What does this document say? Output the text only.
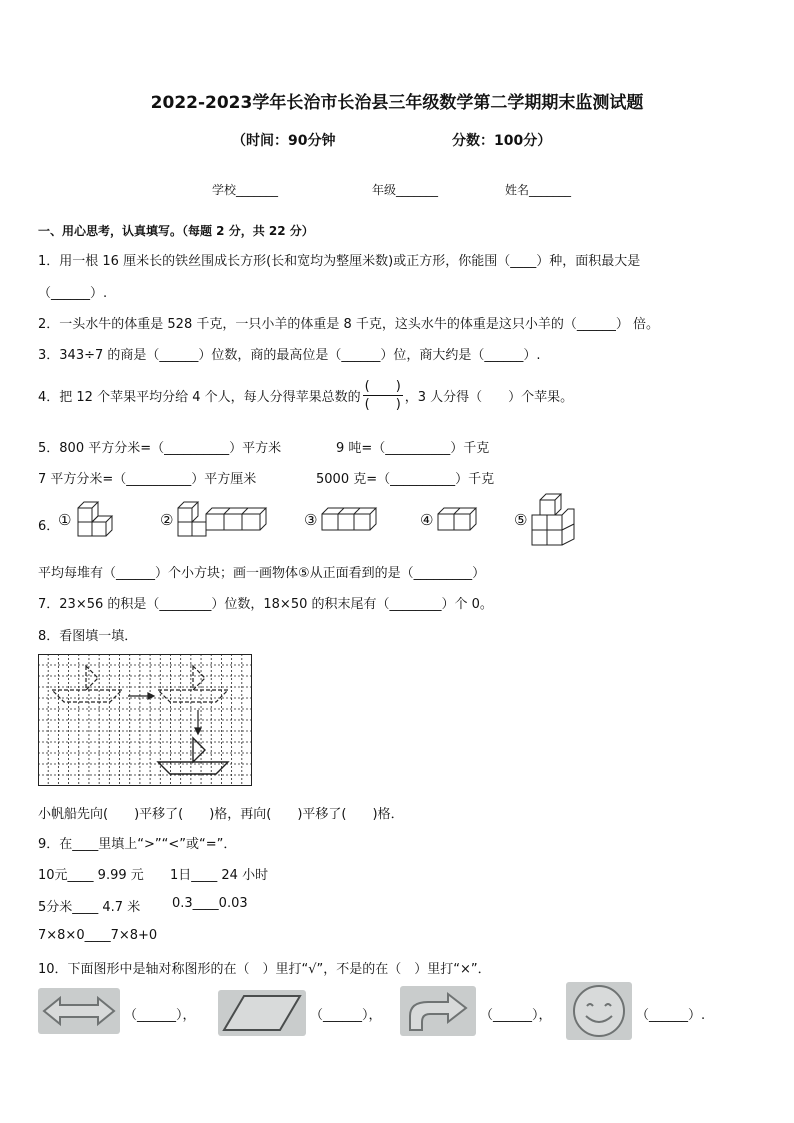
2022-2023学年长治市长治县三年级数学第二学期期末监测试题
（时间：90分钟	分数：100分）
学校_______	年级_______	姓名_______
一、用心思考，认真填写。（每题 2 分，共 22 分）
1．用一根 16 厘米长的铁丝围成长方形(长和宽均为整厘米数)或正方形，你能围（____）种，面积最大是
（______）.
2．一头水牛的体重是 528 千克，一只小羊的体重是 8 千克，这头水牛的体重是这只小羊的（______） 倍。
3．343÷7 的商是（______）位数，商的最高位是（______）位，商大约是（______）.
4．把 12 个苹果平均分给 4 个人，每人分得苹果总数的 $\frac{( )}{( )}$ ，3 人分得（　　）个苹果。
5．800 平方分米=（__________）平方米	9 吨=（__________）千克
7 平方分米=（__________）平方厘米	5000 克=（__________）千克
6．
①	②	③	④	⑤
平均每堆有（______）个小方块；画一画物体⑤从正面看到的是（_________）
7．23×56 的积是（________）位数，18×50 的积末尾有（________）个 0。
8．看图填一填．
小帆船先向(　　)平移了(　　)格，再向(　　)平移了(　　)格．
9．在____里填上“>”“<”或“=”．
10元____ 9.99 元 1日____ 24 小时
5分米____ 4.7 米 0.3____0.03
7×8×0____7×8+0
10．下面图形中是轴对称图形的在（　）里打“√”，不是的在（　）里打“×”．
（______），	（______），	（______），	（______）.
